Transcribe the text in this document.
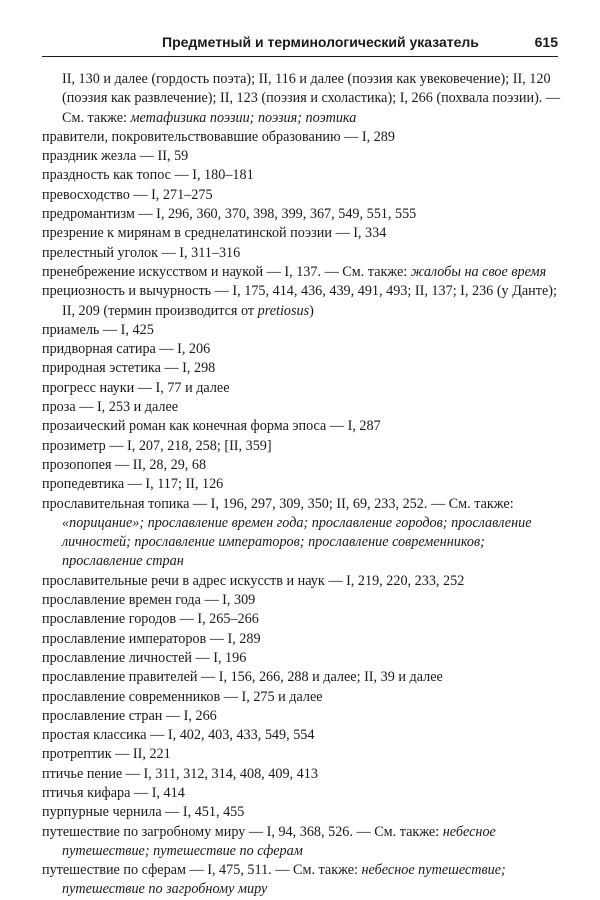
Предметный и терминологический указатель	615
II, 130 и далее (гордость поэта); II, 116 и далее (поэзия как увековечение); II, 120 (поэзия как развлечение); II, 123 (поэзия и схоластика); I, 266 (похвала поэзии). — См. также: метафизика поэзии; поэзия; поэтика
правители, покровительствовавшие образованию — I, 289
праздник жезла — II, 59
праздность как топос — I, 180–181
превосходство — I, 271–275
предромантизм — I, 296, 360, 370, 398, 399, 367, 549, 551, 555
презрение к мирянам в среднелатинской поэзии — I, 334
прелестный уголок — I, 311–316
пренебрежение искусством и наукой — I, 137. — См. также: жалобы на свое время
прециозность и вычурность — I, 175, 414, 436, 439, 491, 493; II, 137; I, 236 (у Данте); II, 209 (термин производится от pretiosus)
приамель — I, 425
придворная сатира — I, 206
природная эстетика — I, 298
прогресс науки — I, 77 и далее
проза — I, 253 и далее
прозаический роман как конечная форма эпоса — I, 287
прозиметр — I, 207, 218, 258; [II, 359]
прозопопея — II, 28, 29, 68
пропедевтика — I, 117; II, 126
прославительная топика — I, 196, 297, 309, 350; II, 69, 233, 252. — См. также: «порицание»; прославление времен года; прославление городов; прославление личностей; прославление императоров; прославление современников; прославление стран
прославительные речи в адрес искусств и наук — I, 219, 220, 233, 252
прославление времен года — I, 309
прославление городов — I, 265–266
прославление императоров — I, 289
прославление личностей — I, 196
прославление правителей — I, 156, 266, 288 и далее; II, 39 и далее
прославление современников — I, 275 и далее
прославление стран — I, 266
простая классика — I, 402, 403, 433, 549, 554
протрептик — II, 221
птичье пение — I, 311, 312, 314, 408, 409, 413
птичья кифара — I, 414
пурпурные чернила — I, 451, 455
путешествие по загробному миру — I, 94, 368, 526. — См. также: небесное путешествие; путешествие по сферам
путешествие по сферам — I, 475, 511. — См. также: небесное путешествие; путешествие по загробному миру
